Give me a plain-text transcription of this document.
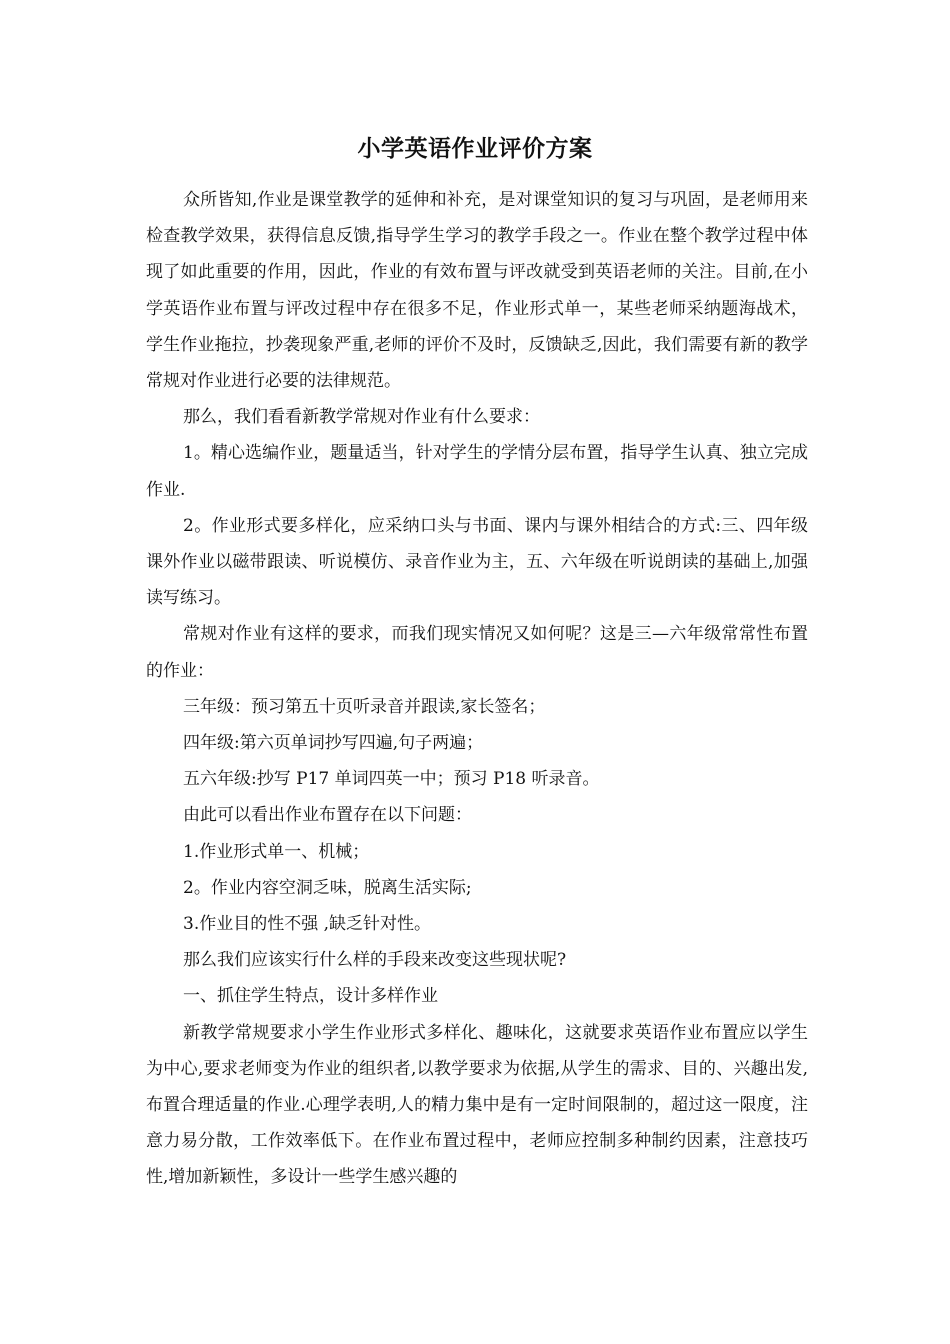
小学英语作业评价方案

众所皆知,作业是课堂教学的延伸和补充，是对课堂知识的复习与巩固，是老师用来检查教学效果，获得信息反馈,指导学生学习的教学手段之一。作业在整个教学过程中体现了如此重要的作用，因此，作业的有效布置与评改就受到英语老师的关注。目前,在小学英语作业布置与评改过程中存在很多不足，作业形式单一，某些老师采纳题海战术，学生作业拖拉，抄袭现象严重,老师的评价不及时，反馈缺乏,因此，我们需要有新的教学常规对作业进行必要的法律规范。

那么，我们看看新教学常规对作业有什么要求：

1。精心选编作业，题量适当，针对学生的学情分层布置，指导学生认真、独立完成作业.

2。作业形式要多样化，应采纳口头与书面、课内与课外相结合的方式:三、四年级课外作业以磁带跟读、听说模仿、录音作业为主，五、六年级在听说朗读的基础上,加强读写练习。

常规对作业有这样的要求，而我们现实情况又如何呢？这是三—六年级常常性布置的作业：

三年级：预习第五十页听录音并跟读,家长签名；

四年级:第六页单词抄写四遍,句子两遍；

五六年级:抄写 P17 单词四英一中；预习 P18 听录音。

由此可以看出作业布置存在以下问题：

1.作业形式单一、机械；

2。作业内容空洞乏味，脱离生活实际;

3.作业目的性不强 ,缺乏针对性。

那么我们应该实行什么样的手段来改变这些现状呢?

一、抓住学生特点，设计多样作业

新教学常规要求小学生作业形式多样化、趣味化，这就要求英语作业布置应以学生为中心,要求老师变为作业的组织者,以教学要求为依据,从学生的需求、目的、兴趣出发,布置合理适量的作业.心理学表明,人的精力集中是有一定时间限制的，超过这一限度，注意力易分散，工作效率低下。在作业布置过程中，老师应控制多种制约因素，注意技巧性,增加新颖性，多设计一些学生感兴趣的
